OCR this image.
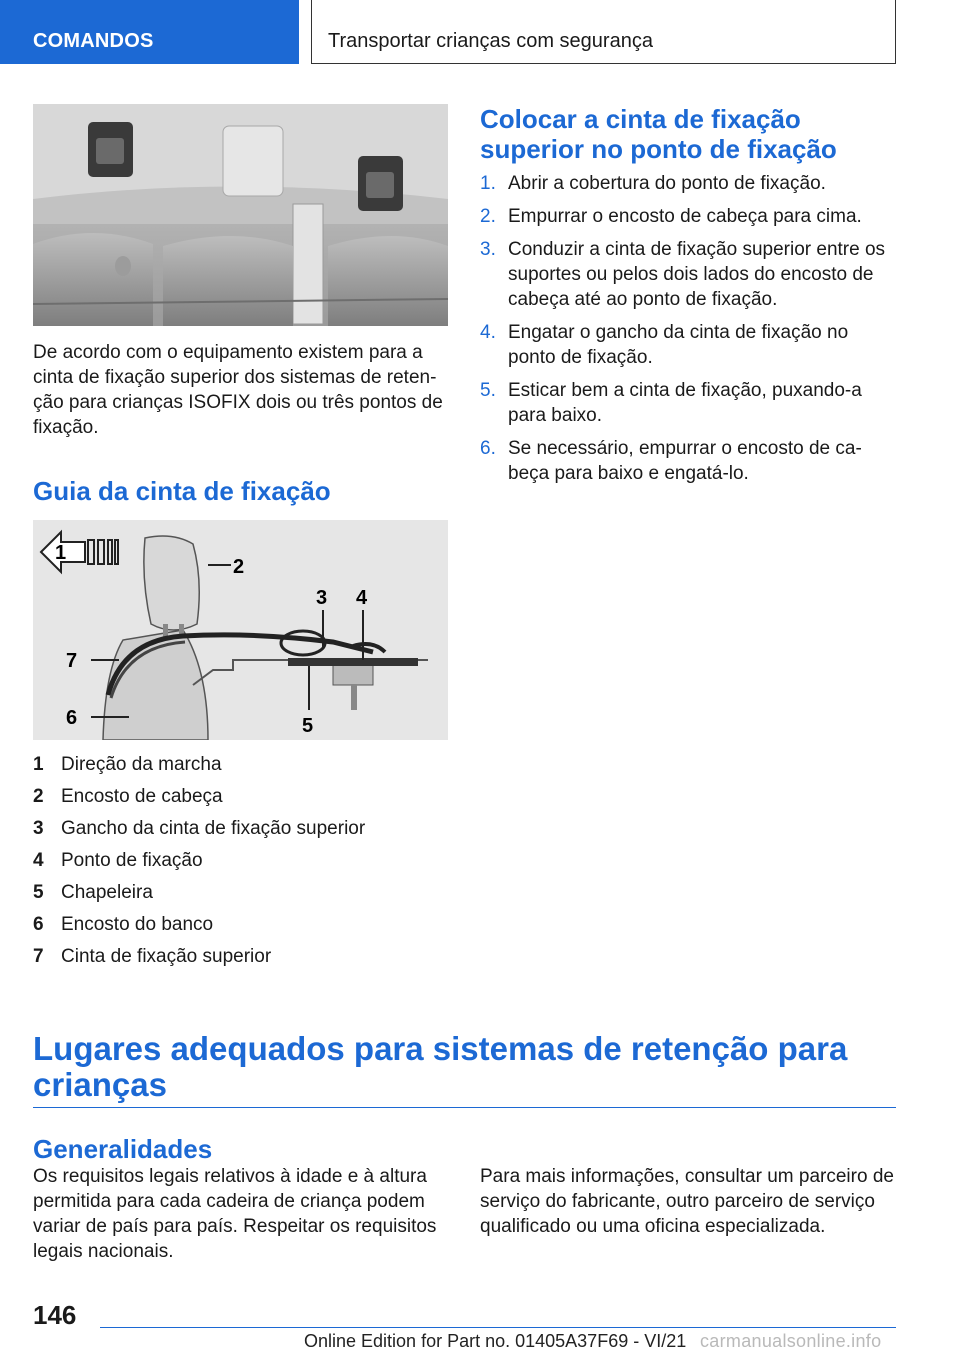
COMANDOS	Transportar crianças com segurança
De acordo com o equipamento existem para a cinta de fixação superior dos sistemas de retenção para crianças ISOFIX dois ou três pontos de fixação.
Guia da cinta de fixação
1
2
3 4
5
6
7
1 Direção da marcha
2 Encosto de cabeça
3 Gancho da cinta de fixação superior
4 Ponto de fixação
5 Chapeleira
6 Encosto do banco
7 Cinta de fixação superior
Colocar a cinta de fixação superior no ponto de fixação
1. Abrir a cobertura do ponto de fixação.
2. Empurrar o encosto de cabeça para cima.
3. Conduzir a cinta de fixação superior entre os suportes ou pelos dois lados do encosto de cabeça até ao ponto de fixação.
4. Engatar o gancho da cinta de fixação no ponto de fixação.
5. Esticar bem a cinta de fixação, puxando-a para baixo.
6. Se necessário, empurrar o encosto de cabeça para baixo e engatá-lo.
Lugares adequados para sistemas de retenção para crianças
Generalidades
Os requisitos legais relativos à idade e à altura permitida para cada cadeira de criança podem variar de país para país. Respeitar os requisitos legais nacionais.
Para mais informações, consultar um parceiro de serviço do fabricante, outro parceiro de serviço qualificado ou uma oficina especializada.
146
Online Edition for Part no. 01405A37F69 - VI/21 carmanualsonline.info
